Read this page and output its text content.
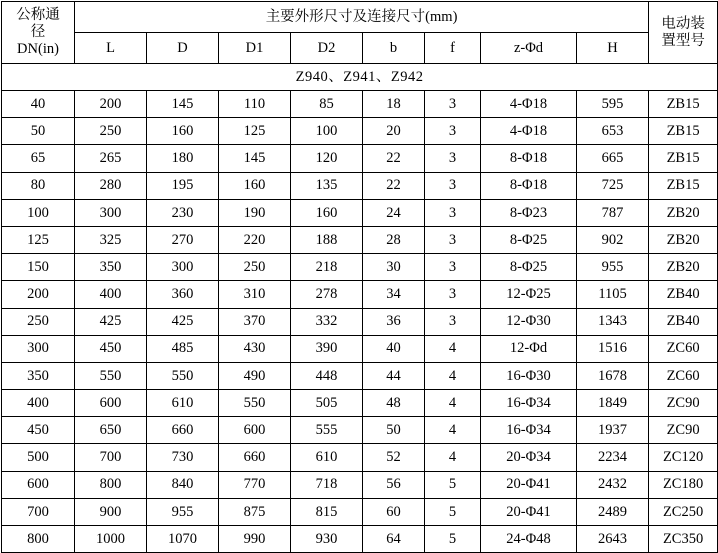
公称通
径
DN(in)
	主要外形尺寸及连接尺寸(mm)	电动装
置型号

	L	D	D1	D2	b	f	z-Φd	H	
Z940、Z941、Z942									
40	200	145	110	85	18	3	4-Φ18	595	ZB15
50	250	160	125	100	20	3	4-Φ18	653	ZB15
65	265	180	145	120	22	3	8-Φ18	665	ZB15
80	280	195	160	135	22	3	8-Φ18	725	ZB15
100	300	230	190	160	24	3	8-Φ23	787	ZB20
125	325	270	220	188	28	3	8-Φ25	902	ZB20
150	350	300	250	218	30	3	8-Φ25	955	ZB20
200	400	360	310	278	34	3	12-Φ25	1105	ZB40
250	425	425	370	332	36	3	12-Φ30	1343	ZB40
300	450	485	430	390	40	4	12-Φd	1516	ZC60
350	550	550	490	448	44	4	16-Φ30	1678	ZC60
400	600	610	550	505	48	4	16-Φ34	1849	ZC90
450	650	660	600	555	50	4	16-Φ34	1937	ZC90
500	700	730	660	610	52	4	20-Φ34	2234	ZC120
600	800	840	770	718	56	5	20-Φ41	2432	ZC180
700	900	955	875	815	60	5	20-Φ41	2489	ZC250
800	1000	1070	990	930	64	5	24-Φ48	2643	ZC350
